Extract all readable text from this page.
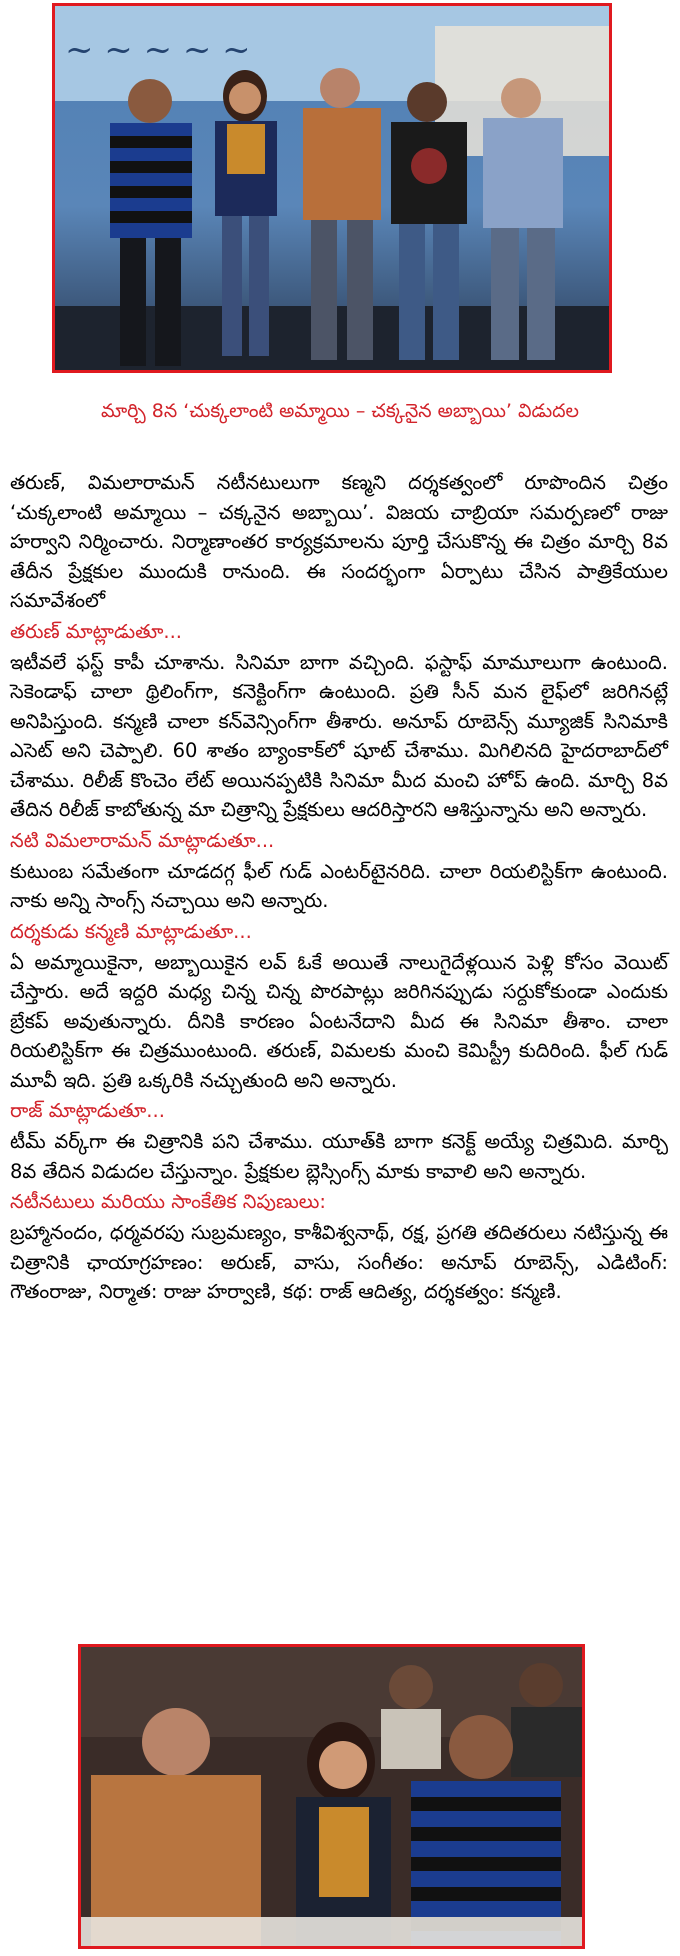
~ ~ ~ ~ ~
మార్చి 8న ‘చుక్కలాంటి అమ్మాయి – చక్కనైన అబ్బాయి’ విడుదల

తరుణ్, విమలారామన్ నటీనటులుగా కణ్మని దర్శకత్వంలో రూపొందిన చిత్రం ‘చుక్కలాంటి అమ్మాయి – చక్కనైన అబ్బాయి’. విజయ చాబ్రియా సమర్పణలో రాజు హర్వాని నిర్మించారు. నిర్మాణాంతర కార్యక్రమాలను పూర్తి చేసుకొన్న ఈ చిత్రం మార్చి 8వ తేదీన ప్రేక్షకుల ముందుకి రానుంది. ఈ సందర్భంగా ఏర్పాటు చేసిన పాత్రికేయుల సమావేశంలో

తరుణ్ మాట్లాడుతూ...

ఇటీవలే ఫస్ట్ కాపీ చూశాను. సినిమా బాగా వచ్చింది. ఫస్టాఫ్ మామూలుగా ఉంటుంది. సెకెండాఫ్ చాలా థ్రిలింగ్‌గా, కనెక్టింగ్‌గా ఉంటుంది. ప్రతి సీన్ మన లైఫ్‌లో జరిగినట్లే అనిపిస్తుంది. కన్మణి చాలా కన్‌వెన్సింగ్‌గా తీశారు. అనూప్ రూబెన్స్ మ్యూజిక్ సినిమాకి ఎసెట్ అని చెప్పాలి. 60 శాతం బ్యాంకాక్‌లో షూట్ చేశాము. మిగిలినది హైదరాబాద్‌లో చేశాము. రిలీజ్ కొంచెం లేట్ అయినప్పటికి సినిమా మీద మంచి హోప్ ఉంది. మార్చి 8వ తేదిన రిలీజ్ కాబోతున్న మా చిత్రాన్ని ప్రేక్షకులు ఆదరిస్తారని ఆశిస్తున్నాను అని అన్నారు.

నటి విమలారామన్ మాట్లాడుతూ...

కుటుంబ సమేతంగా చూడదగ్గ ఫీల్ గుడ్ ఎంటర్‌టైనరిది. చాలా రియలిస్టిక్‌గా ఉంటుంది. నాకు అన్ని సాంగ్స్ నచ్చాయి అని అన్నారు.

దర్శకుడు కన్మణి మాట్లాడుతూ...

ఏ అమ్మాయికైనా, అబ్బాయికైన లవ్ ఓకే అయితే నాలుగైదేళ్లయిన పెళ్లి కోసం వెయిట్ చేస్తారు. అదే ఇద్దరి మధ్య చిన్న చిన్న పొరపాట్లు జరిగినప్పుడు సర్దుకోకుండా ఎందుకు బ్రేకప్ అవుతున్నారు. దీనికి కారణం ఏంటనేదాని మీద ఈ సినిమా తీశాం. చాలా రియలిస్టిక్‌గా ఈ చిత్రముంటుంది. తరుణ్, విమలకు మంచి కెమిస్ట్రీ కుదిరింది. ఫీల్ గుడ్ మూవీ ఇది. ప్రతి ఒక్కరికి నచ్చుతుంది అని అన్నారు.

రాజ్ మాట్లాడుతూ...

టీమ్ వర్క్‌గా ఈ చిత్రానికి పని చేశాము. యూత్‌కి బాగా కనెక్ట్ అయ్యే చిత్రమిది. మార్చి 8వ తేదిన విడుదల చేస్తున్నాం. ప్రేక్షకుల బ్లెస్సింగ్స్ మాకు కావాలి అని అన్నారు.

నటీనటులు మరియు సాంకేతిక నిపుణులు:

బ్రహ్మానందం, ధర్మవరపు సుబ్రమణ్యం, కాశీవిశ్వనాథ్, రక్ష, ప్రగతి తదితరులు నటిస్తున్న ఈ చిత్రానికి ఛాయాగ్రహణం: అరుణ్, వాసు, సంగీతం: అనూప్ రూబెన్స్, ఎడిటింగ్: గౌతంరాజు, నిర్మాత: రాజు హర్వాణి, కథ: రాజ్ ఆదిత్య, దర్శకత్వం: కన్మణి.
